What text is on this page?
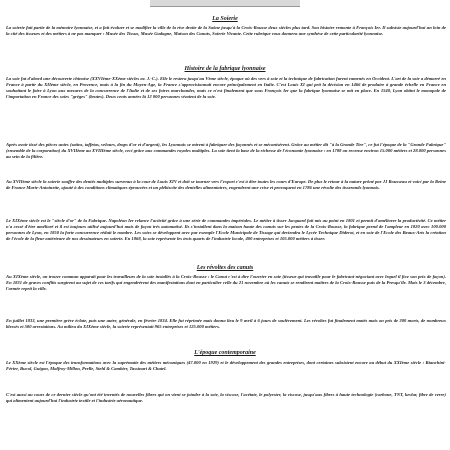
La Soierie
La soierie fait partie de la mémoire lyonnaise, et a fait évoluer et se modifier la ville de la rive droite de la Saône jusqu'à la Croix-Rousse deux siècles plus tard. Son histoire remonte à François Ier. Il subsiste aujourd'hui un loin de la cité des tisseurs et des métiers à ne pas manquer : Musée des Tissus, Musée Gadagne, Maison des Canuts, Soierie Vivante. Cette rubrique vous donnera une synthèse de cette particularité lyonnaise.
Histoire de la fabrique lyonnaise
La soie fut d'abord une découverte chinoise (XXVIème-XXème siècles av. J.-C.). Elle le restera jusqu'au Vème siècle, époque où des vers à soie et la technique de fabrication furent ramenés en Occident. L'art de la soie a démarré en France à partir du XIIème siècle, en Provence, mais à la fin du Moyen-Age, la France s'approvisionnait encore principalement en Italie. C'est Louis XI qui prit la décision en 1466 de produire à grande échelle en France en souhaitant le faire à Lyon aux mesures de la concurrence de l'Italie et de ses foires marchandes, mais ce n'est finalement que sous François Ier que la fabrique lyonnaise se mit en place. En 1540, Lyon obtint le monopole de l'importation en France des soies "grèges" (brutes). Deux cents années là 12 000 personnes vivaient de la soie.
Après avoir tissé des pièces unies (satins, taffetas, velours, draps d'or et d'argent), les Lyonnais se mirent à fabriquer des façonnés et se mécanisèrent. Grâce au métier dit "à la Grande Tire", ce fut l'époque de la "Grande Fabrique" (ensemble de la corporation) du XVIIème au XVIIIème siècle, ceci grâce aux commandes royales multiples. La soie tient la base de la richesse de l'économie lyonnaise : en 1788 on recense environ 15.000 métiers et 28.000 personnes au sein de la filière.
Au XVIIème siècle la soierie souffre des dentés multiples survenus à la cour de Louis XIV et doit se tourner vers l'export c'est à dire toutes les cours d'Europe. De plus le retour à la nature prôné par JJ Rousseau et voici par la Reine de France Marie-Antoinette, ajouté à des conditions climatiques éprouvées et un plébiscite des dentelles alimentaires, engendrent une crise et provoquent en 1786 une révolte des tisserands lyonnais.
Le XIXème siècle est le "siècle d'or" de la Fabrique. Napoléon Ier relance l'activité grâce à une série de commandes impériales. Le métier à tisser Jacquard fait mis au point en 1801 et permit d'améliorer la productivité. Ce métier n'a cessé d'être amélioré et il est toujours utilisé aujourd'hui mais de façon très automatisé. Ils s'installent dans la maison haute des canuts sur les pentes de la Croix-Rousse, la fabrique prend de l'ampleur en 1820 avec 100.000 personnes de Lyon, en 1850 la forte concurrence réduit le nombre. Les soies se développent avec par exemple l'Ecole Municipale de Tissage qui deviendra le Lycée Technique Diderot, et en soie de l'Ecole des Beaux-Arts la création de l'école de la fleur antérieure de nos dessinateurs en soierie. En 1868, la soie représente les trois quarts de l'industrie locale, 400 entreprises et 105.000 métiers à tisser.
Les révoltes des canuts
Au XIXème siècle, on trouve commun apparaît pour les travailleurs de la soie installés à la Croix-Rousse : le Canut c'est à dire l'ouvrier en soie (tisseur qui travaille pour le fabricant-négociant avec lequel il fixe son prix de façon). En 1831 de graves conflits surgirent au sujet de ces tarifs qui engendrèrent des manifestations dont en particulier celle du 21 novembre où les canuts se rendirent maîtres de la Croix-Rousse puis de la Presqu'île. Mais le 3 décembre, l'armée reprit la ville.
En juillet 1833, une première grève éclate, puis une autre, générale, en février 1834. Elle fut réprimée mais donna lieu le 9 avril à 6 jours de soulèvement. Les révoltes fut finalement matés mais on pris de 300 morts, de nombreux blessés et 500 arrestations. Au milieu du XIXème siècle, la soierie représentait 965 entreprises et 125.000 métiers.
L'époque contemporaine
Le XXème siècle est l'époque des transformations avec la suprématie des métiers mécaniques (47.000 en 1929) et le développement des grandes entreprises, dont certaines subsistent encore au début du XXIème siècle : Bianchini-Férier, Bucol, Guigon, Malfroy-Millon, Prelle, Stehl & Cambier, Tassinari & Chatel.
C'est aussi au cours de ce dernier siècle qu'ont été inventés de nouvelles fibres qui on vient se joindre à la soie, la viscose, l'acétate, le polyester, la viscose, jusqu'aux fibres à haute technologie (carbone, TNT, kevlar, fibre de verre) qui alimentent aujourd'hui l'industrie textile et l'industrie aéronautique.
